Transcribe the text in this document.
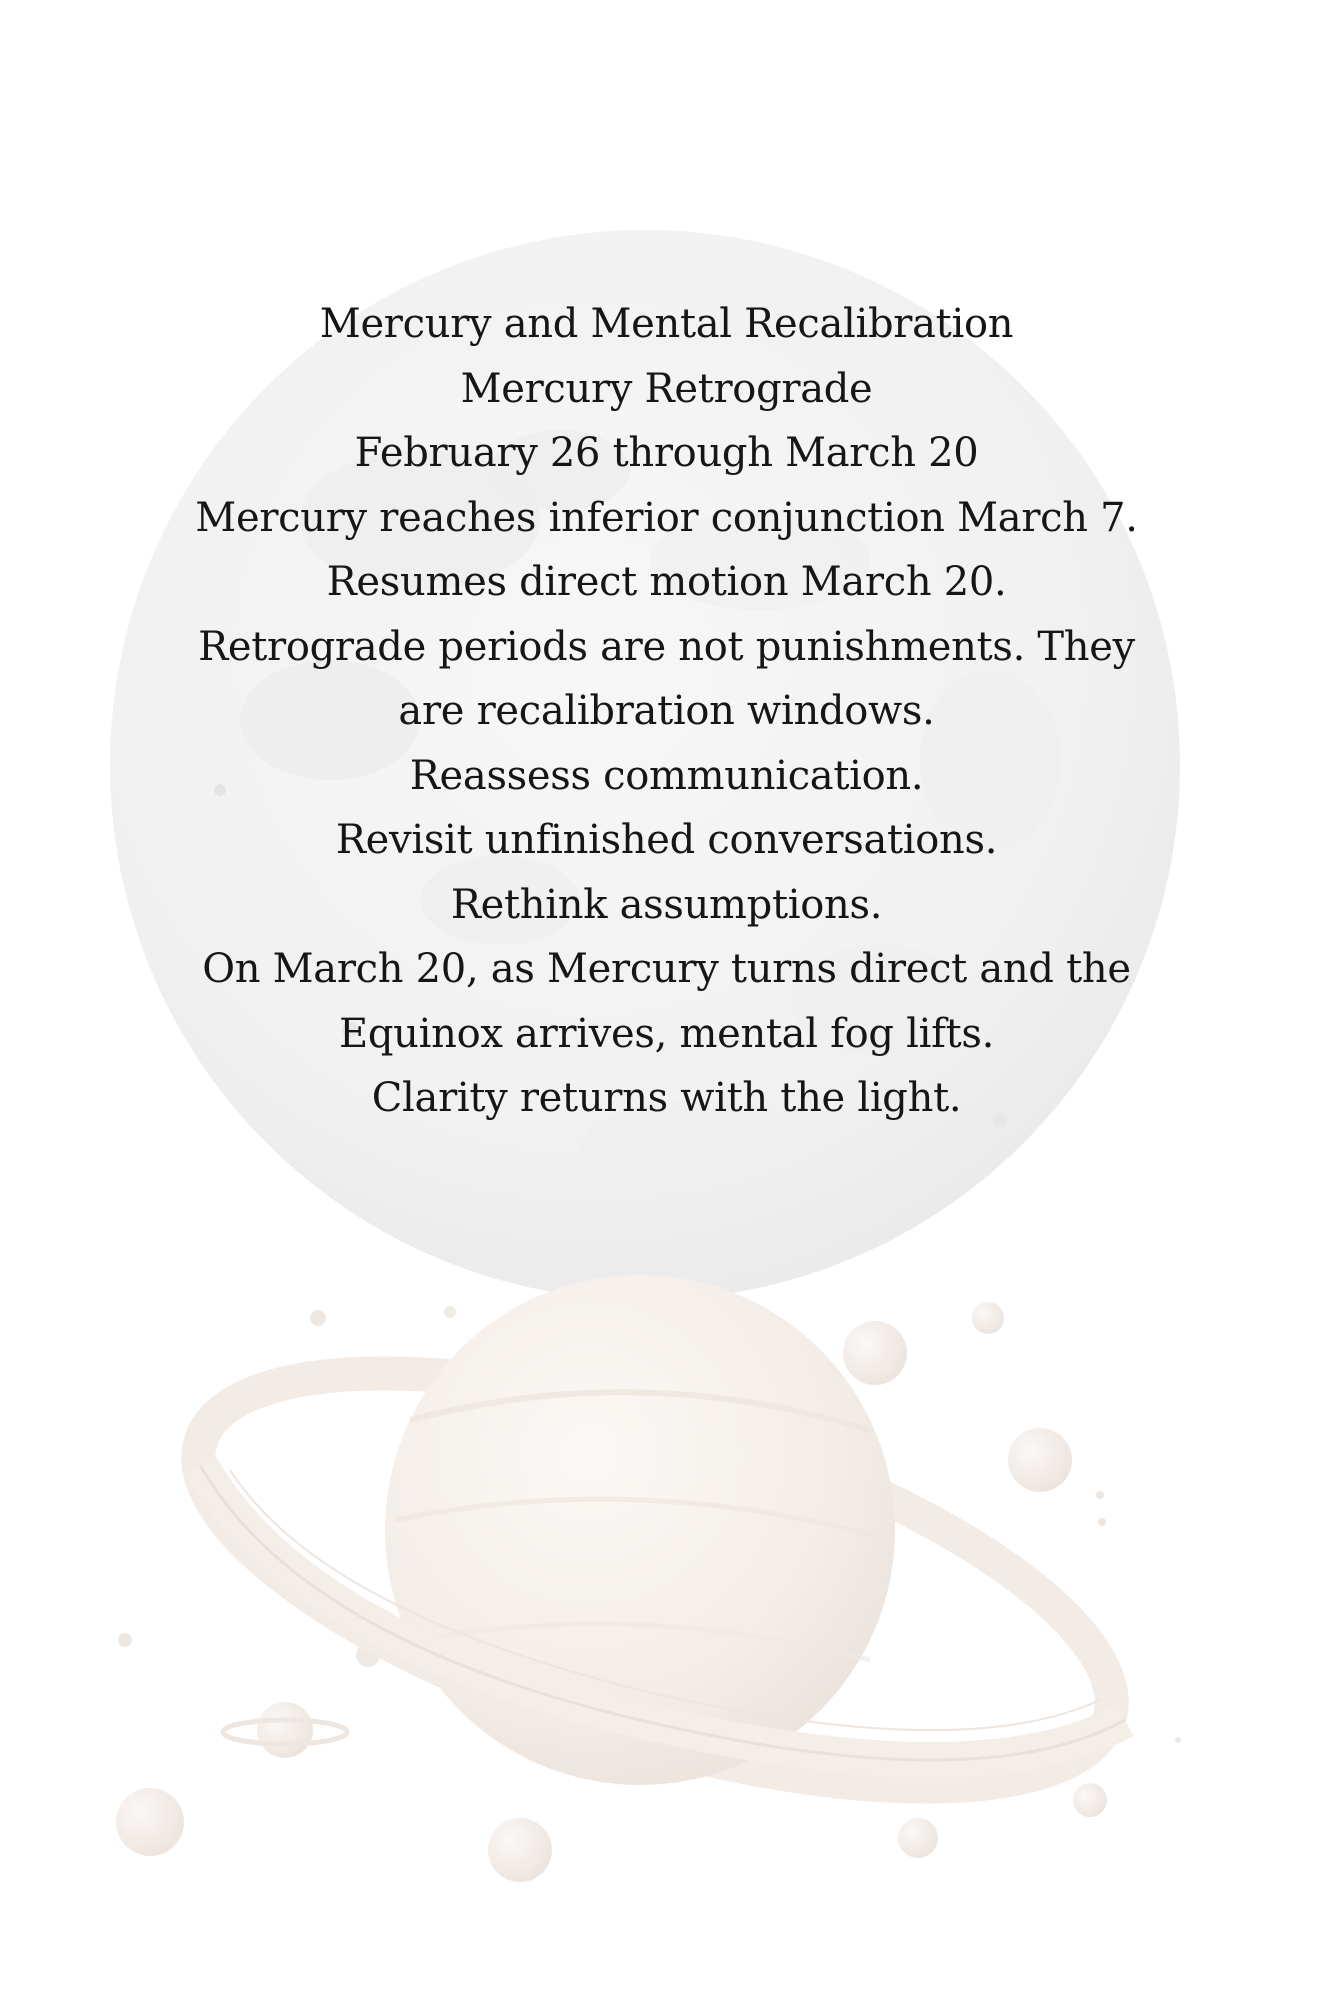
Mercury and Mental Recalibration
Mercury Retrograde
February 26 through March 20
Mercury reaches inferior conjunction March 7.
Resumes direct motion March 20.
Retrograde periods are not punishments. They
are recalibration windows.
Reassess communication.
Revisit unfinished conversations.
Rethink assumptions.
On March 20, as Mercury turns direct and the
Equinox arrives, mental fog lifts.
Clarity returns with the light.
